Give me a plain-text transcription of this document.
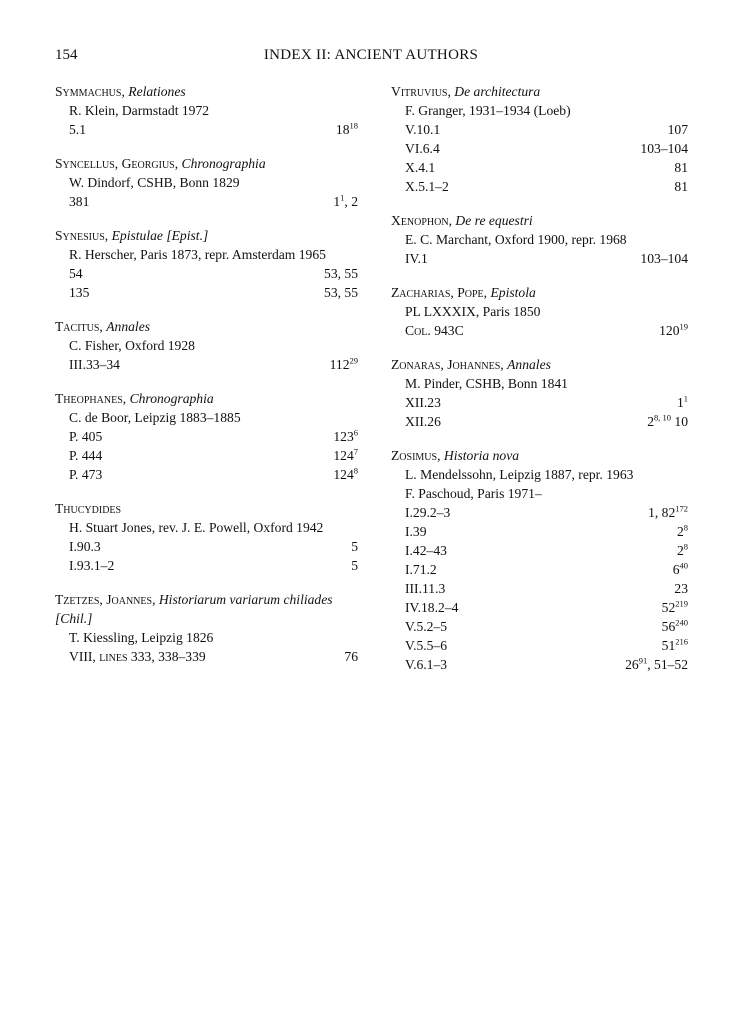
154	INDEX II: ANCIENT AUTHORS
Symmachus, Relationes
R. Klein, Darmstadt 1972
5.1	$18^{18}$
Syncellus, Georgius, Chronographia
W. Dindorf, CSHB, Bonn 1829
381	$1^1$, 2
Synesius, Epistulae [Epist.]
R. Herscher, Paris 1873, repr. Amsterdam 1965
54	53, 55
135	53, 55
Tacitus, Annales
C. Fisher, Oxford 1928
III.33–34	$112^{29}$
Theophanes, Chronographia
C. de Boor, Leipzig 1883–1885
P. 405	$123^6$
P. 444	$124^7$
P. 473	$124^8$
Thucydides
H. Stuart Jones, rev. J. E. Powell, Oxford 1942
I.90.3	5
I.93.1–2	5
Tzetzes, Joannes, Historiarum variarum chiliades
[Chil.]
T. Kiessling, Leipzig 1826
VIII, lines 333, 338–339	76
Vitruvius, De architectura
F. Granger, 1931–1934 (Loeb)
V.10.1	107
VI.6.4	103–104
X.4.1	81
X.5.1–2	81
Xenophon, De re equestri
E. C. Marchant, Oxford 1900, repr. 1968
IV.1	103–104
Zacharias, Pope, Epistola
PL LXXXIX, Paris 1850
Col. 943C	$120^{19}$
Zonaras, Johannes, Annales
M. Pinder, CSHB, Bonn 1841
XII.23	$1^1$
XII.26	2$^{8, 10}$ 10
Zosimus, Historia nova
L. Mendelssohn, Leipzig 1887, repr. 1963
F. Paschoud, Paris 1971–
I.29.2–3	1, $82^{172}$
I.39	$2^8$
I.42–43	$2^8$
I.71.2	$6^{40}$
III.11.3	23
IV.18.2–4	$52^{219}$
V.5.2–5	$56^{240}$
V.5.5–6	$51^{216}$
V.6.1–3	$26^{91}$, 51–52
